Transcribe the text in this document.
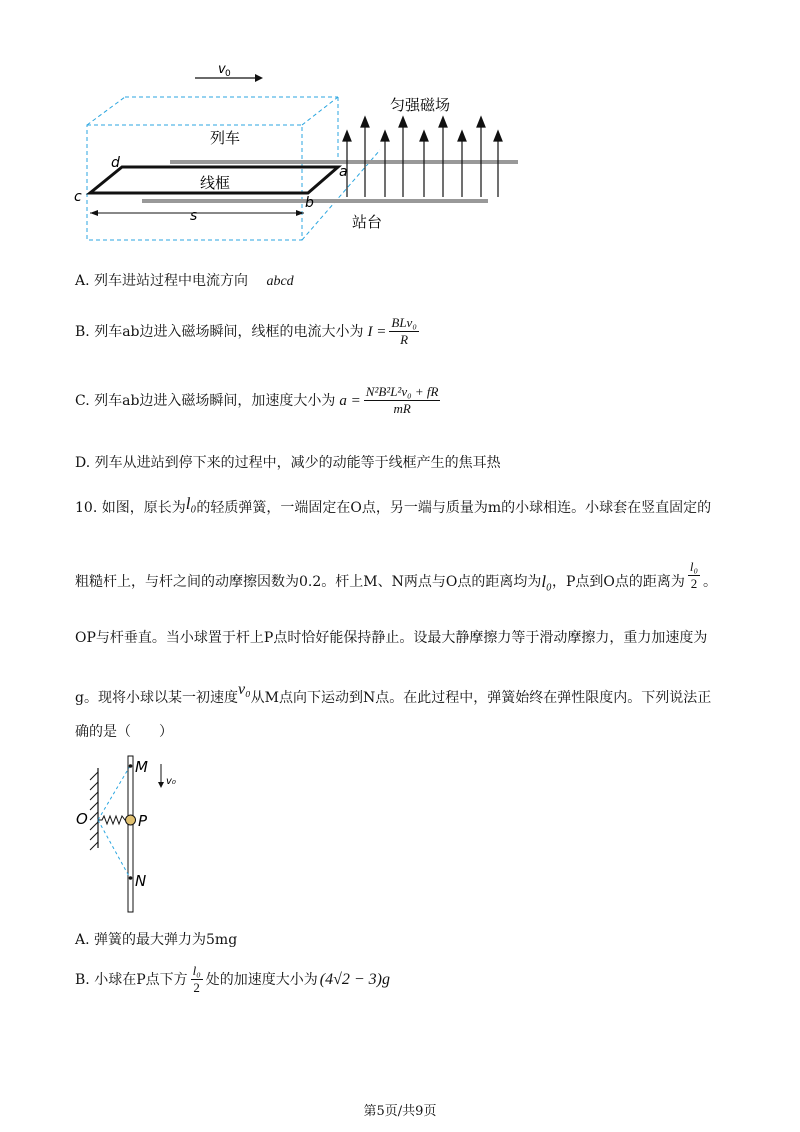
v 0
列车
线框
c
d
a
b
s
匀强磁场
站台
A. 列车进站过程中电流方向 abcd
B. 列车ab边进入磁场瞬间，线框的电流大小为 $I = \frac{\text{BLv₀}}{R}$
C. 列车ab边进入磁场瞬间，加速度大小为 $a = \frac{\text{N²B²L²v₀ + fR}}{mR}$
D. 列车从进站到停下来的过程中，减少的动能等于线框产生的焦耳热
10. 如图，原长为l₀的轻质弹簧，一端固定在O点，另一端与质量为m的小球相连。小球套在竖直固定的
粗糙杆上，与杆之间的动摩擦因数为0.2。杆上M、N两点与O点的距离均为 l₀ ，P点到O点的距离为 $\frac{\text{l₀}}{2}$ 。
OP与杆垂直。当小球置于杆上P点时恰好能保持静止。设最大静摩擦力等于滑动摩擦力，重力加速度为
g。现将小球以某一初速度v₀从M点向下运动到N点。在此过程中，弹簧始终在弹性限度内。下列说法正
确的是（　　）
O
M
P
N
v₀
A. 弹簧的最大弹力为5mg
B. 小球在P点下方 $\frac{\text{l₀}}{2}$ 处的加速度大小为 (4√2 − 3)g
第5页/共9页
